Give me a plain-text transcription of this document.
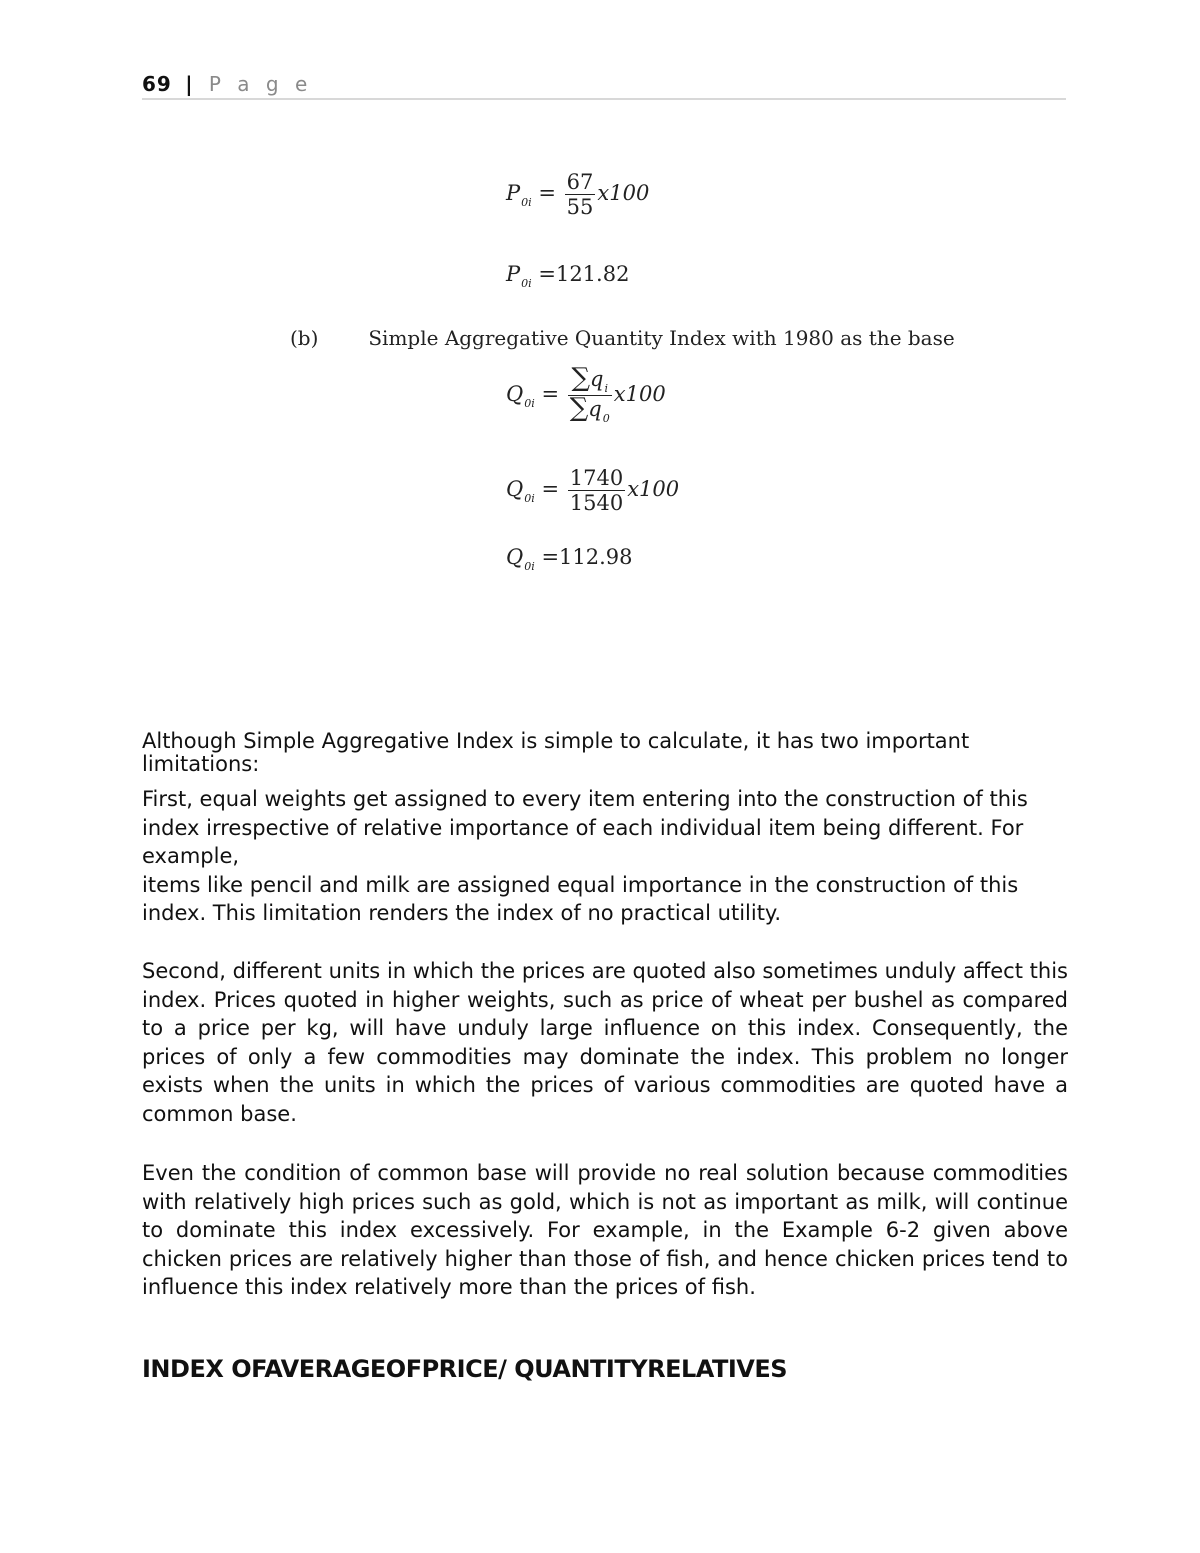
69 | P a g e
$P_{0i} = \frac{67}{55} x100$
$P_{0i} =121.82$
(b) Simple Aggregative Quantity Index with 1980 as the base
$Q_{0i} = \frac{\sum q_i}{\sum q_0} x100$
$Q_{0i} = \frac{1740}{1540} x100$
$Q_{0i} =112.98$

Although Simple Aggregative Index is simple to calculate, it has two important limitations:

First, equal weights get assigned to every item entering into the construction of this index irrespective of relative importance of each individual item being different. For example,

items like pencil and milk are assigned equal importance in the construction of this index. This limitation renders the index of no practical utility.

Second, different units in which the prices are quoted also sometimes unduly affect this index. Prices quoted in higher weights, such as price of wheat per bushel as compared to a price per kg, will have unduly large influence on this index. Consequently, the prices of only a few commodities may dominate the index. This problem no longer exists when the units in which the prices of various commodities are quoted have a common base.

Even the condition of common base will provide no real solution because commodities with relatively high prices such as gold, which is not as important as milk, will continue to dominate this index excessively. For example, in the Example 6-2 given above chicken prices are relatively higher than those of fish, and hence chicken prices tend to influence this index relatively more than the prices of fish.

INDEX OFAVERAGEOFPRICE/ QUANTITYRELATIVES
